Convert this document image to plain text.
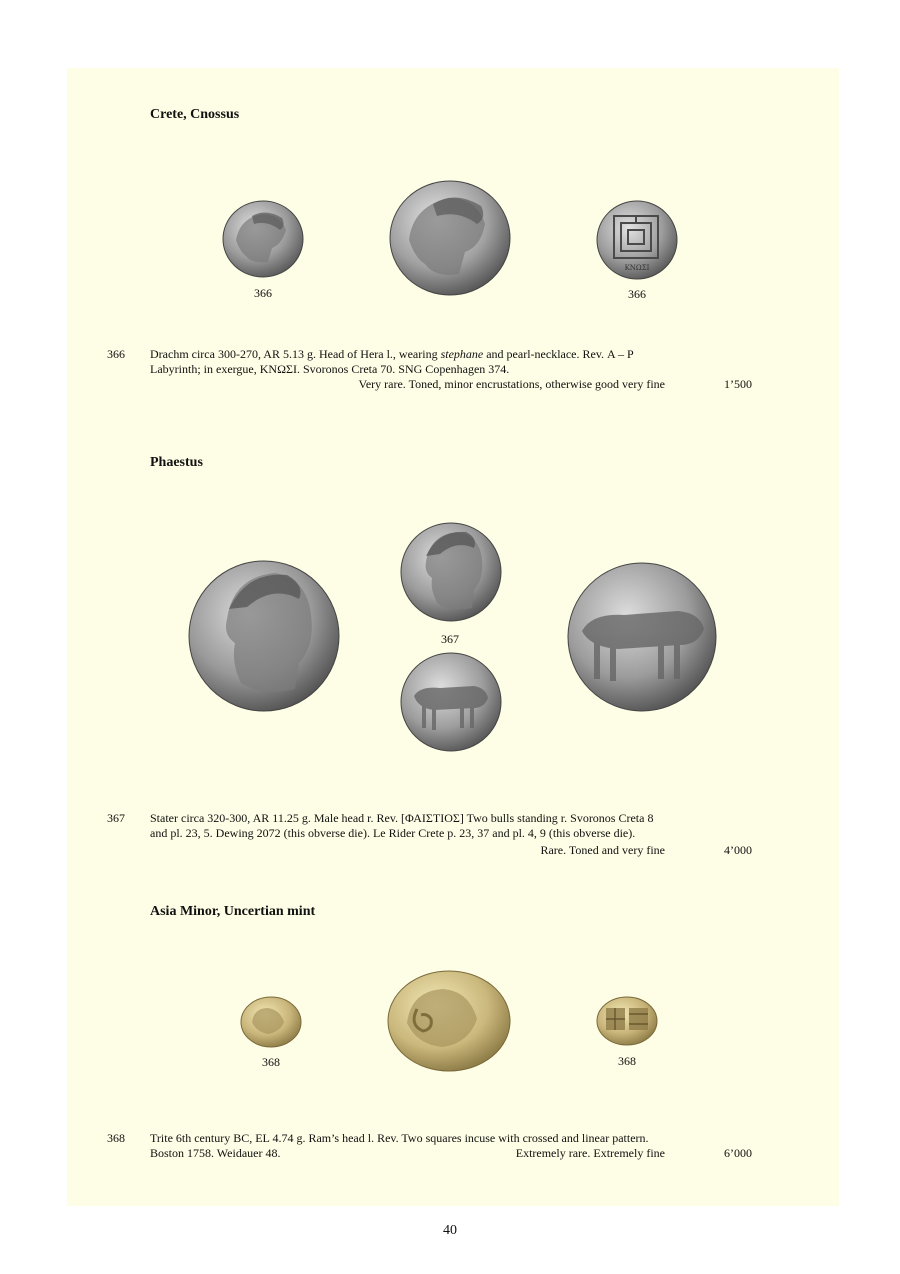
Crete, Cnossus
ΚΝΩΣΙ
366	366
366 Drachm circa 300-270, AR 5.13 g. Head of Hera l., wearing stephane and pearl-necklace. Rev. Α – Ρ

Labyrinth; in exergue, ΚΝΩΣΙ. Svoronos Creta 70. SNG Copenhagen 374.

Very rare. Toned, minor encrustations, otherwise good very fine	1’500
Phaestus
367
367 Stater circa 320-300, AR 11.25 g. Male head r. Rev. [ΦΑΙΣΤΙΟΣ] Two bulls standing r. Svoronos Creta 8

and pl. 23, 5. Dewing 2072 (this obverse die). Le Rider Crete p. 23, 37 and pl. 4, 9 (this obverse die).

Rare. Toned and very fine	4’000
Asia Minor, Uncertian mint
368	368
368 Trite 6th century BC, EL 4.74 g. Ram’s head l. Rev. Two squares incuse with crossed and linear pattern.

Boston 1758. Weidauer 48.	Extremely rare. Extremely fine	6’000
40
